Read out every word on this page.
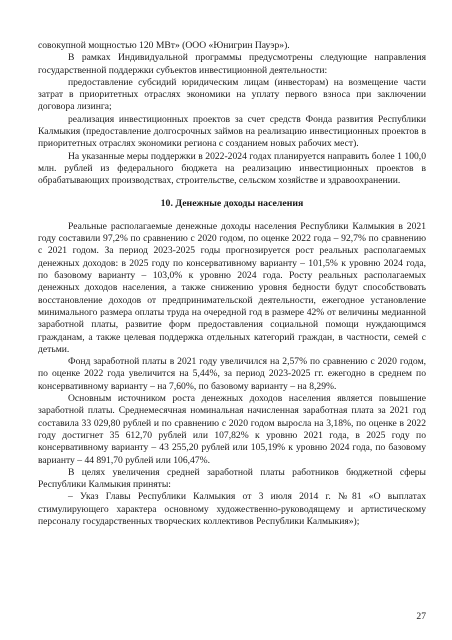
совокупной мощностью 120 МВт» (ООО «Юнигрин Пауэр»).

В рамках Индивидуальной программы предусмотрены следующие направления государственной поддержки субъектов инвестиционной деятельности:

предоставление субсидий юридическим лицам (инвесторам) на возмещение части затрат в приоритетных отраслях экономики на уплату первого взноса при заключении договора лизинга;

реализация инвестиционных проектов за счет средств Фонда развития Республики Калмыкия (предоставление долгосрочных займов на реализацию инвестиционных проектов в приоритетных отраслях экономики региона с созданием новых рабочих мест).

На указанные меры поддержки в 2022-2024 годах планируется направить более 1 100,0 млн. рублей из федерального бюджета на реализацию инвестиционных проектов в обрабатывающих производствах, строительстве, сельском хозяйстве и здравоохранении.

10. Денежные доходы населения

Реальные располагаемые денежные доходы населения Республики Калмыкия в 2021 году составили 97,2% по сравнению с 2020 годом, по оценке 2022 года – 92,7% по сравнению с 2021 годом. За период 2023-2025 годы прогнозируется рост реальных располагаемых денежных доходов: в 2025 году по консервативному варианту – 101,5% к уровню 2024 года, по базовому варианту – 103,0% к уровню 2024 года. Росту реальных располагаемых денежных доходов населения, а также снижению уровня бедности будут способствовать восстановление доходов от предпринимательской деятельности, ежегодное установление минимального размера оплаты труда на очередной год в размере 42% от величины медианной заработной платы, развитие форм предоставления социальной помощи нуждающимся гражданам, а также целевая поддержка отдельных категорий граждан, в частности, семей с детьми.

Фонд заработной платы в 2021 году увеличился на 2,57% по сравнению с 2020 годом, по оценке 2022 года увеличится на 5,44%, за период 2023-2025 гг. ежегодно в среднем по консервативному варианту – на 7,60%, по базовому варианту – на 8,29%.

Основным источником роста денежных доходов населения является повышение заработной платы. Среднемесячная номинальная начисленная заработная плата за 2021 год составила 33 029,80 рублей и по сравнению с 2020 годом выросла на 3,18%, по оценке в 2022 году достигнет 35 612,70 рублей или 107,82% к уровню 2021 года, в 2025 году по консервативному варианту – 43 255,20 рублей или 105,19% к уровню 2024 года, по базовому варианту – 44 891,70 рублей или 106,47%.

В целях увеличения средней заработной платы работников бюджетной сферы Республики Калмыкия приняты:

– Указ Главы Республики Калмыкия от 3 июля 2014 г. №81 «О выплатах стимулирующего характера основному художественно-руководящему и артистическому персоналу государственных творческих коллективов Республики Калмыкия»);

27
